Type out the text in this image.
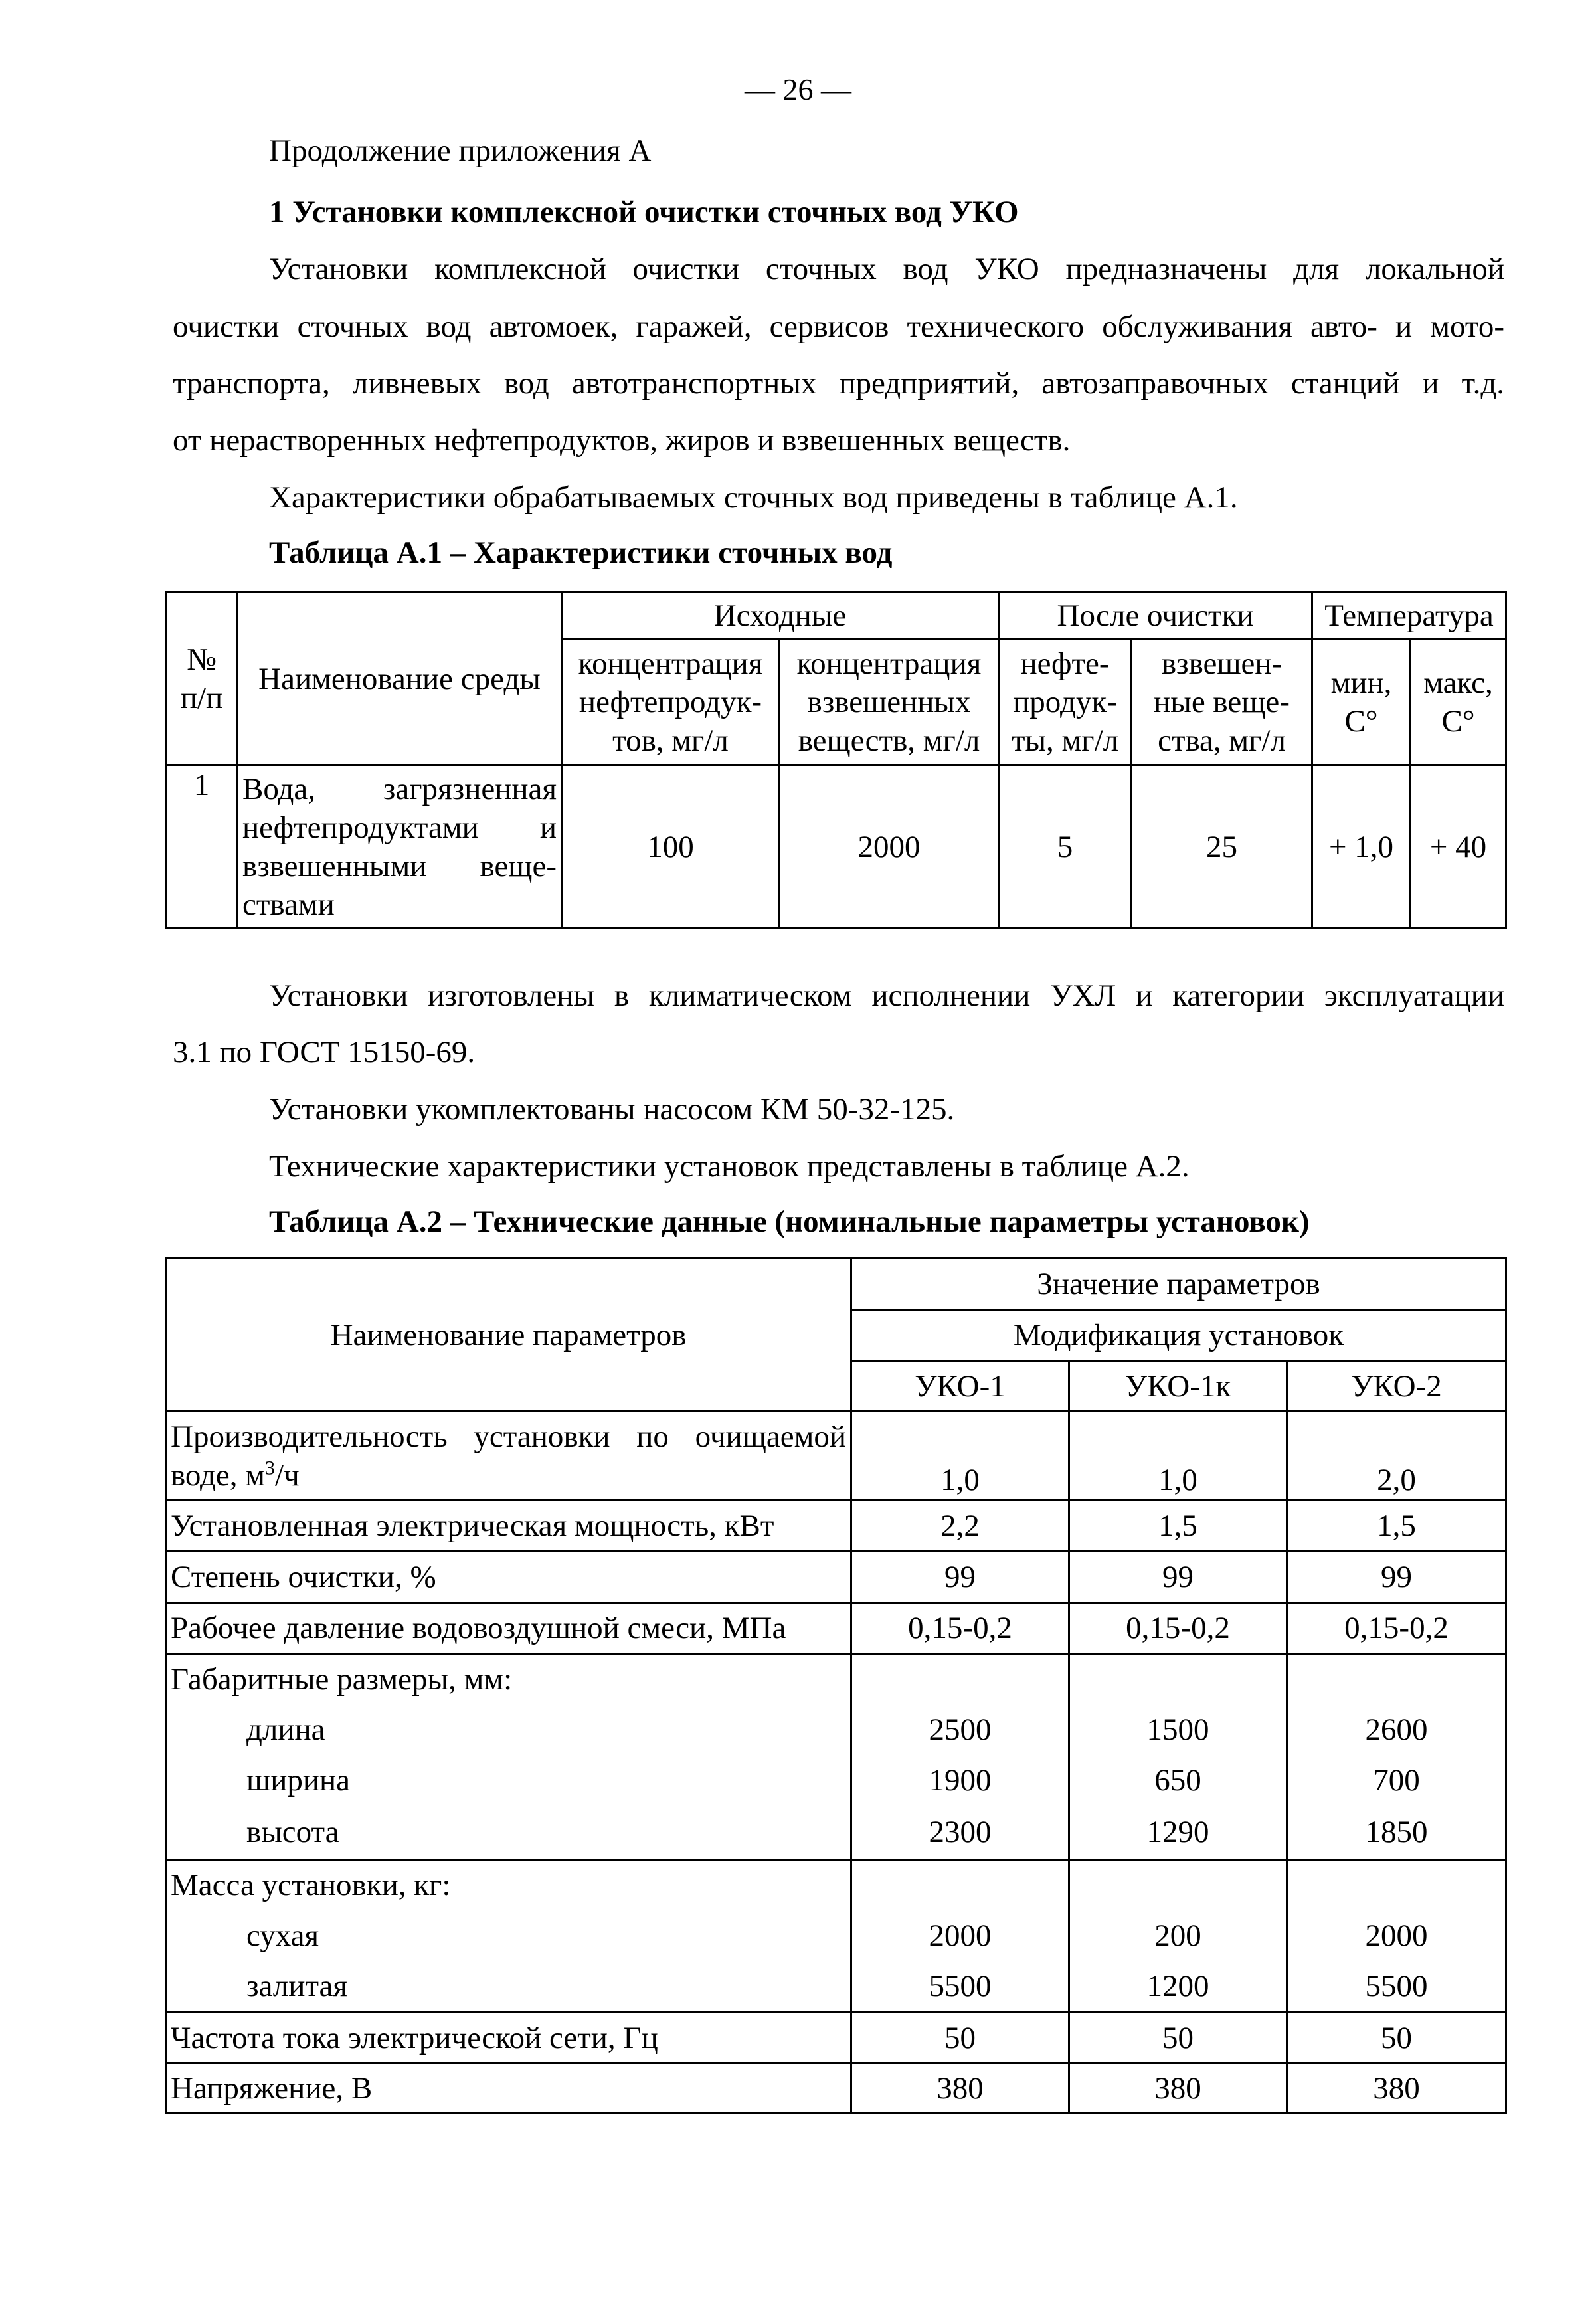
— 26 —
Продолжение приложения А
1 Установки комплексной очистки сточных вод УКО
Установки комплексной очистки сточных вод УКО предназначены для локальной
очистки сточных вод автомоек, гаражей, сервисов технического обслуживания авто- и мото-
транспорта, ливневых вод автотранспортных предприятий, автозаправочных станций и т.д.
от нерастворенных нефтепродуктов, жиров и взвешенных веществ.
Характеристики обрабатываемых сточных вод приведены в таблице А.1.
Таблица А.1 – Характеристики сточных вод
№ п/п	Наименование среды	Исходные		После очистки		Температура	
		концентрация нефтепродук-тов, мг/л	концентрация взвешенных веществ, мг/л	нефте-продук-ты, мг/л	взвешен-ные веще-ства, мг/л	мин, С°	макс, С°
1	Вода, загрязненная нефтепродуктами и взвешенными веще-ствами	100	2000	5	25	+ 1,0	+ 40
Установки изготовлены в климатическом исполнении УХЛ и категории эксплуатации
3.1 по ГОСТ 15150-69.
Установки укомплектованы насосом КМ 50-32-125.
Технические характеристики установок представлены в таблице А.2.
Таблица А.2 – Технические данные (номинальные параметры установок)
Наименование параметров	Значение параметров		
	Модификация установок		
	УКО-1	УКО-1к	УКО-2

Производительность установки по очищаемой
воде, $м^3/ч$	1,0	1,0	2,0
Установленная электрическая мощность, кВт	2,2	1,5	1,5
Степень очистки, %	99	99	99
Рабочее давление водовоздушной смеси, МПа	0,15-0,2	0,15-0,2	0,15-0,2
Габаритные размеры, мм:			
длина	2500	1500	2600
ширина	1900	650	700
высота	2300	1290	1850
Масса установки, кг:			
сухая	2000	200	2000
залитая	5500	1200	5500
Частота тока электрической сети, Гц	50	50	50
Напряжение, В	380	380	380
